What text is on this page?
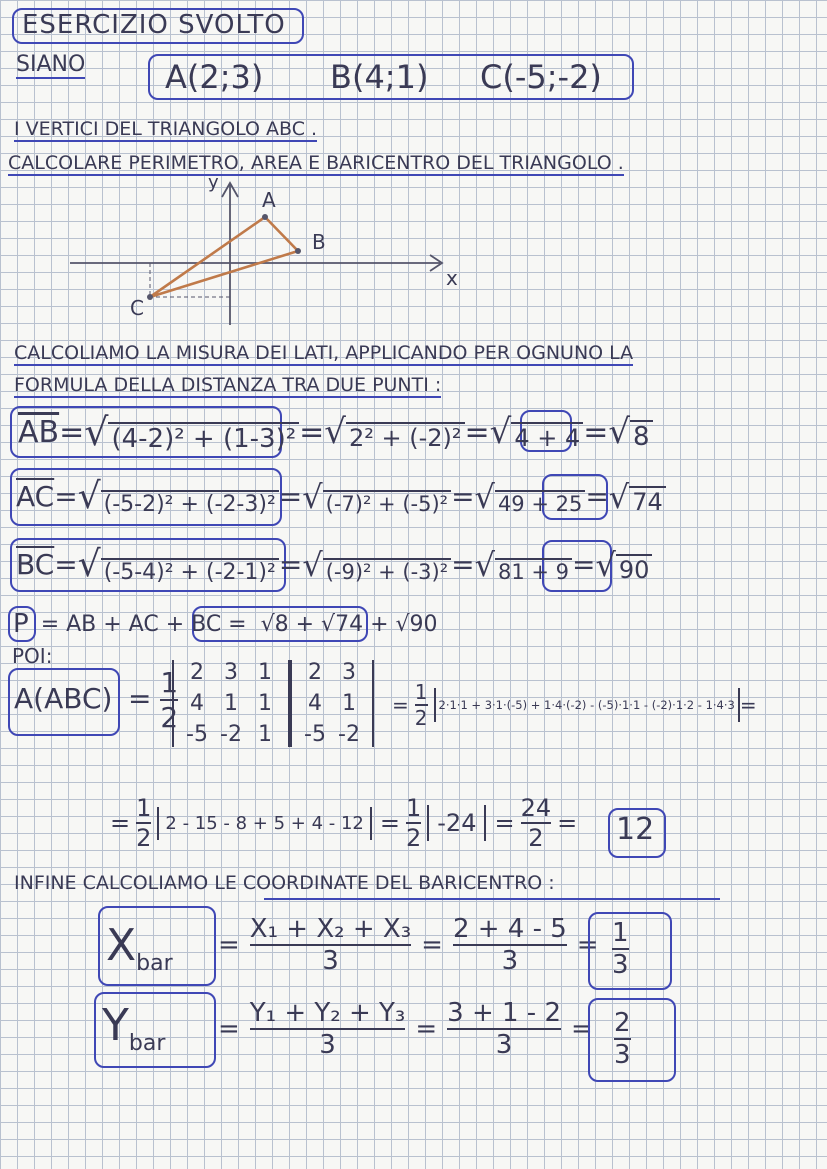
ESERCIZIO SVOLTO
SIANO A(2;3) B(4;1) C(-5;-2)
I VERTICI DEL TRIANGOLO ABC .
CALCOLARE PERIMETRO, AREA E BARICENTRO DEL TRIANGOLO .
y
x
A
B
C
CALCOLIAMO LA MISURA DEI LATI, APPLICANDO PER OGNUNO LA
FORMULA DELLA DISTANZA TRA DUE PUNTI :
$\overline{AB}$ = √ (4-2)² + (1-3)² = √ 2² + (-2)² = √ 4 + 4 = √ 8
$\overline{AC}$ = √ (-5-2)² + (-2-3)² = √ (-7)² + (-5)² = √ 49 + 25 = √ 74
$\overline{BC}$ = √ (-5-4)² + (-2-1)² = √ (-9)² + (-3)² = √ 81 + 9 = √ 90
P = AB + AC + BC = √8 + √74 + √90
POI:
$A(ABC) = \frac{1}{2} 2$ 3 1
4 1 1
-5 -2 1
2 3
4 1
-5 -2
= $\frac{1}{2} 2\cdot 1\cdot 1 + 3\cdot 1\cdot(-5) + 1\cdot 4\cdot(-2) - (-5)\cdot 1\cdot 1 - (-2)\cdot 1\cdot 2 - 1\cdot 4\cdot 3$ =
= $\frac{1}{2} 2 - 15 - 8 + 5 + 4 - 12 = \frac{1}{2} -24 = \frac{24}{2} = 12$
INFINE CALCOLIAMO LE COORDINATE DEL BARICENTRO :
$X_{bar}$
= $\frac{\text{X₁ + X₂ + X₃}}{3} = \frac{2 + 4 - 5}{3} = 1$
3
$Y_{bar} = \frac{\text{Y₁ + Y₂ + Y₃}}{3} = \frac{3 + 1 - 2}{3} = 2$
3
